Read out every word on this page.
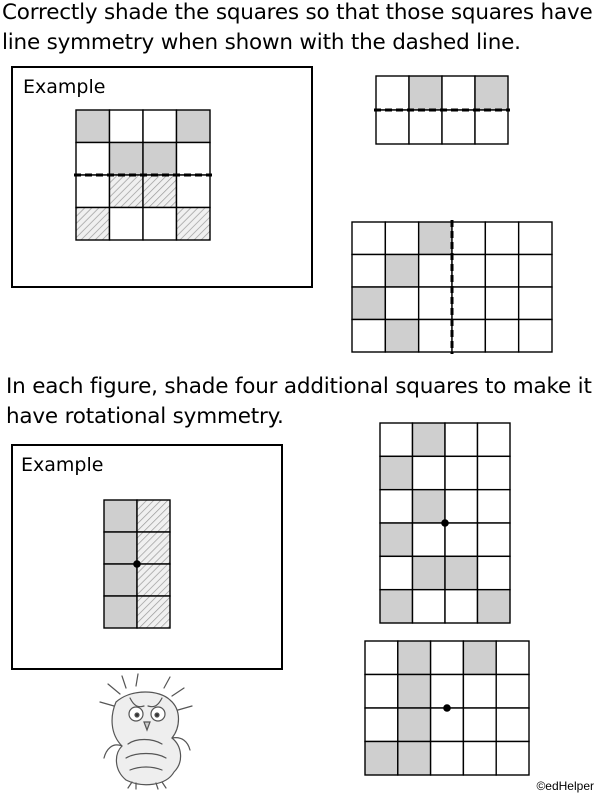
Correctly shade the squares so that those squares have
line symmetry when shown with the dashed line.
Example
In each figure, shade four additional squares to make it
have rotational symmetry.
Example

©edHelper
